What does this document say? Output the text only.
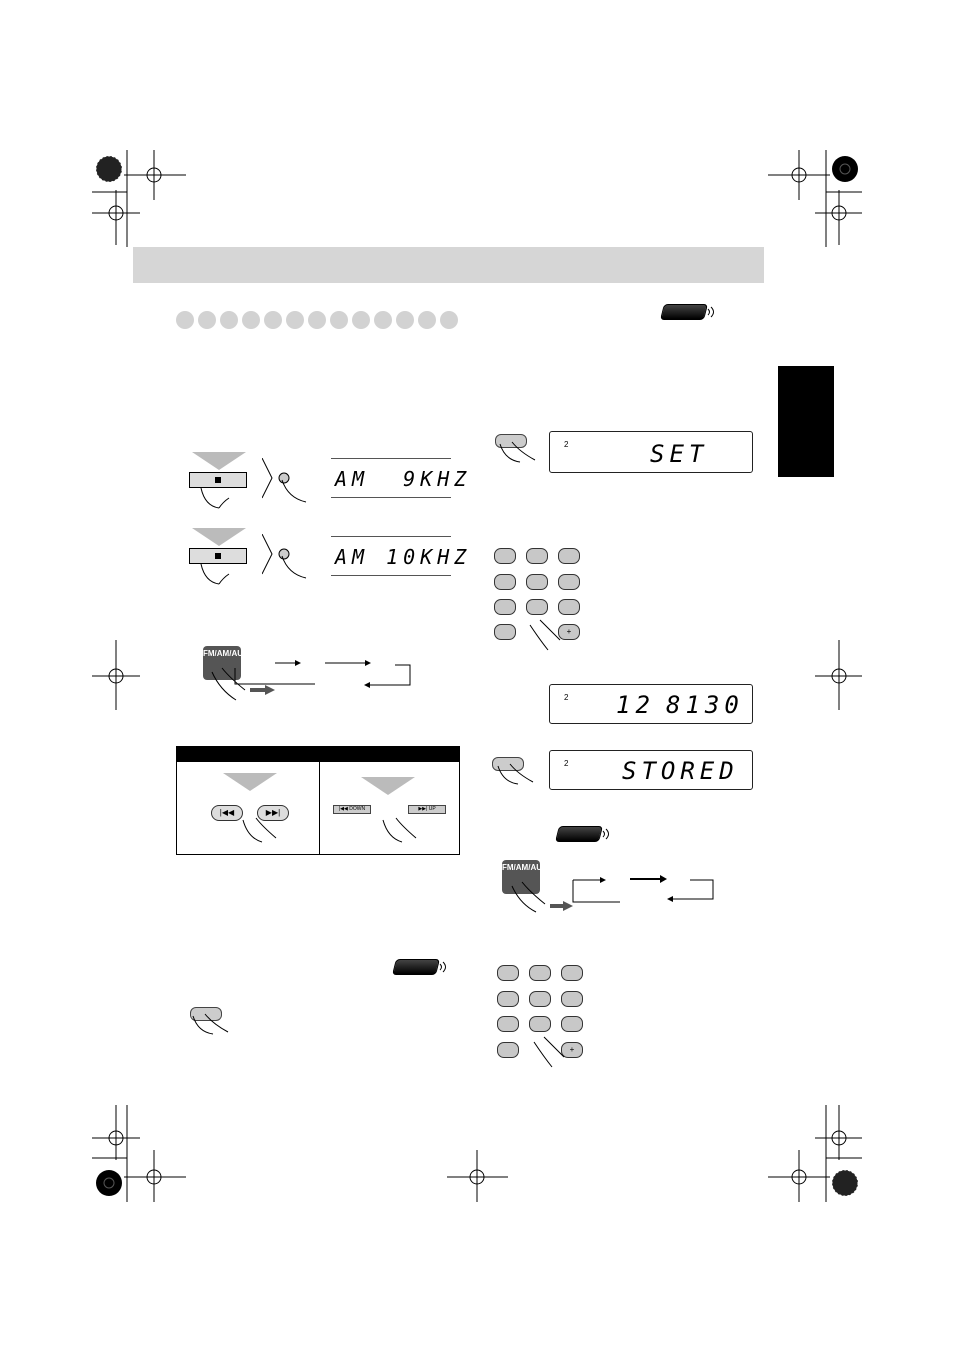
AM  9KHZ
AM 10KHZ
FM/AM/AUX
|◀◀	▶▶|	|◀◀ DOWN	▶▶| UP
2	SET
+
2 12 8130
2 STORED
FM/AM/AUX
+
